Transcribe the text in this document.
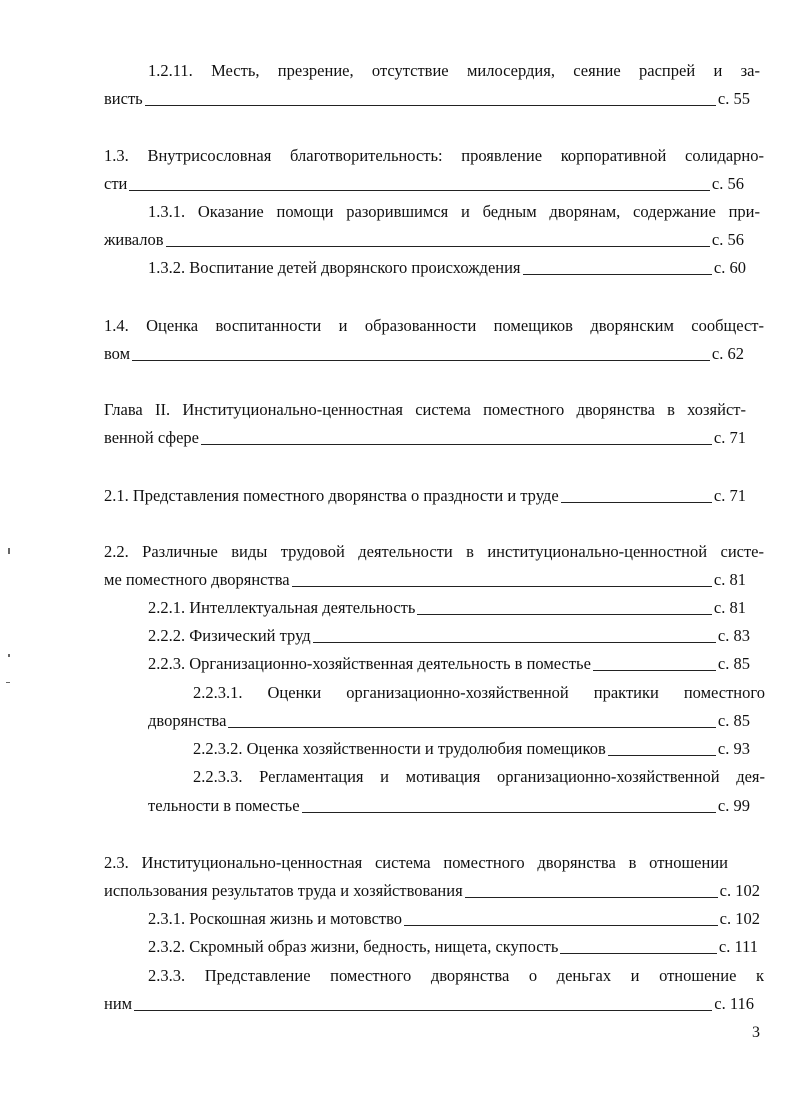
1.2.11. Месть, презрение, отсутствие милосердия, сеяние распрей и за-
висть	с. 55
1.3. Внутрисословная благотворительность: проявление корпоративной солидарно-
сти	с. 56
1.3.1. Оказание помощи разорившимся и бедным дворянам, содержание при-
живалов	с. 56
1.3.2. Воспитание детей дворянского происхождения	с. 60
1.4. Оценка воспитанности и образованности помещиков дворянским сообщест-
вом	с. 62
Глава II. Институционально-ценностная система поместного дворянства в хозяйст-
венной сфере	с. 71
2.1. Представления поместного дворянства о праздности и труде	с. 71
2.2. Различные виды трудовой деятельности в институционально-ценностной систе-
ме поместного дворянства	с. 81
2.2.1. Интеллектуальная деятельность	с. 81
2.2.2. Физический труд	с. 83
2.2.3. Организационно-хозяйственная деятельность в поместье	с. 85
2.2.3.1. Оценки организационно-хозяйственной практики поместного
дворянства	с. 85
2.2.3.2. Оценка хозяйственности и трудолюбия помещиков	с. 93
2.2.3.3. Регламентация и мотивация организационно-хозяйственной дея-
тельности в поместье	с. 99
2.3. Институционально-ценностная система поместного дворянства в отношении
использования результатов труда и хозяйствования	с. 102
2.3.1. Роскошная жизнь и мотовство	с. 102
2.3.2. Скромный образ жизни, бедность, нищета, скупость	с. 111
2.3.3. Представление поместного дворянства о деньгах и отношение к
ним	с. 116
3
